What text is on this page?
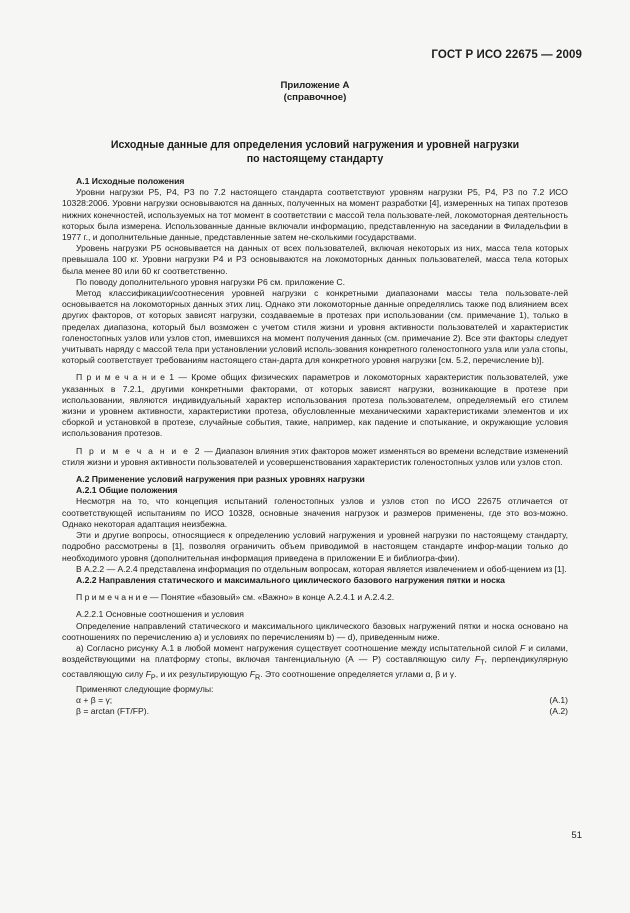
ГОСТ Р ИСО 22675 — 2009
Приложение А
(справочное)
Исходные данные для определения условий нагружения и уровней нагрузки
по настоящему стандарту

А.1 Исходные положения

Уровни нагрузки Р5, Р4, Р3 по 7.2 настоящего стандарта соответствуют уровням нагрузки Р5, Р4, Р3 по 7.2 ИСО 10328:2006. Уровни нагрузки основываются на данных, полученных на момент разработки [4], измеренных на типах протезов нижних конечностей, используемых на тот момент в соответствии с массой тела пользовате-лей, локомоторная деятельность которых была измерена. Использованные данные включали информацию, представленную на заседании в Филадельфии в 1977 г., и дополнительные данные, представленные затем не-сколькими государствами.

Уровень нагрузки Р5 основывается на данных от всех пользователей, включая некоторых из них, масса тела которых превышала 100 кг. Уровни нагрузки Р4 и Р3 основываются на локомоторных данных пользователей, масса тела которых была менее 80 или 60 кг соответственно.

По поводу дополнительного уровня нагрузки Р6 см. приложение С.

Метод классификации/соотнесения уровней нагрузки с конкретными диапазонами массы тела пользовате-лей основывается на локомоторных данных этих лиц. Однако эти локомоторные данные определялись также под влиянием всех других факторов, от которых зависят нагрузки, создаваемые в протезах при использовании (см. примечание 1), только в пределах диапазона, который был возможен с учетом стиля жизни и уровня активности пользователей и характеристик голеностопных узлов или узлов стоп, имевшихся на момент получения данных (см. примечание 2). Все эти факторы следует учитывать наряду с массой тела при установлении условий исполь-зования конкретного голеностопного узла или узла стопы, который соответствует требованиям настоящего стан-дарта для конкретного уровня нагрузки [см. 5.2, перечисление b)].

П р и м е ч а н и е 1 — Кроме общих физических параметров и локомоторных характеристик пользователей, уже указанных в 7.2.1, другими конкретными факторами, от которых зависят нагрузки, возникающие в протезе при использовании, являются индивидуальный характер использования протеза пользователем, определяемый его стилем жизни и уровнем активности, характеристики протеза, обусловленные механическими характеристиками элементов и их сборкой и установкой в протезе, случайные события, такие, например, как падение и спотыкание, и окружающие условия использования протезов.

П р и м е ч а н и е 2 — Диапазон влияния этих факторов может изменяться во времени вследствие изменений стиля жизни и уровня активности пользователей и усовершенствования характеристик голеностопных узлов или узлов стоп.

А.2 Применение условий нагружения при разных уровнях нагрузки

А.2.1 Общие положения

Несмотря на то, что концепция испытаний голеностопных узлов и узлов стоп по ИСО 22675 отличается от соответствующей испытаниям по ИСО 10328, основные значения нагрузок и размеров применены, где это воз-можно. Однако некоторая адаптация неизбежна.

Эти и другие вопросы, относящиеся к определению условий нагружения и уровней нагрузки по настоящему стандарту, подробно рассмотрены в [1], позволяя ограничить объем приводимой в настоящем стандарте инфор-мации только до необходимого уровня (дополнительная информация приведена в приложении Е и библиогра-фии).

В А.2.2 — А.2.4 представлена информация по отдельным вопросам, которая является извлечением и обоб-щением из [1].

А.2.2 Направления статического и максимального циклического базового нагружения пятки и носка

П р и м е ч а н и е — Понятие «базовый» см. «Важно» в конце А.2.4.1 и А.2.4.2.

А.2.2.1 Основные соотношения и условия

Определение направлений статического и максимального циклического базовых нагружений пятки и носка основано на соотношениях по перечислению а) и условиях по перечислениям b) — d), приведенным ниже.

а) Согласно рисунку А.1 в любой момент нагружения существует соотношение между испытательной силой F и силами, воздействующими на платформу стопы, включая тангенциальную (А — Р) составляющую силу $F_T$, перпендикулярную составляющую силу $F_P$, и их результирующую $F_R$. Это соотношение определяется углами α, β и γ.

Применяют следующие формулы:

α + β = γ;	(А.1)
β = arctan (FT/FP).	(А.2)
51
